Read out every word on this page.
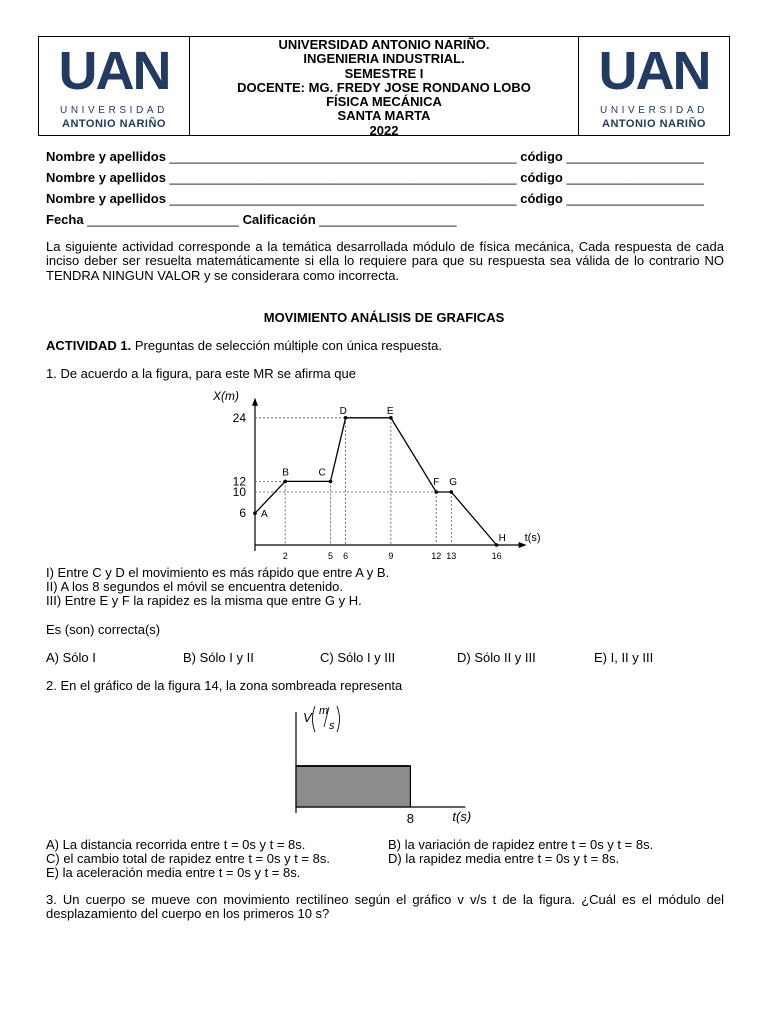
UAN
UNIVERSIDAD
ANTONIO NARIÑO
UNIVERSIDAD ANTONIO NARIÑO.
INGENIERIA INDUSTRIAL.
SEMESTRE I
DOCENTE: MG. FREDY JOSE RONDANO LOBO
FÍSICA MECÁNICA
SANTA MARTA
2022
UAN
UNIVERSIDAD
ANTONIO NARIÑO
Nombre y apellidos ________________________________________________ código ___________________
Nombre y apellidos ________________________________________________ código ___________________
Nombre y apellidos ________________________________________________ código ___________________
Fecha _____________________ Calificación ___________________
La siguiente actividad corresponde a la temática desarrollada módulo de física mecánica, Cada respuesta de cada inciso deber ser resuelta matemáticamente si ella lo requiere para que su respuesta sea válida de lo contrario NO TENDRA NINGUN VALOR y se considerara como incorrecta.
MOVIMIENTO ANÁLISIS DE GRAFICAS
ACTIVIDAD 1. Preguntas de selección múltiple con única respuesta.
1. De acuerdo a la figura, para este MR se afirma que
X(m)
t(s)
6
10
12
24
2	5 6	9	12 13	16
A
B	C
D	E
F G
H
I) Entre C y D el movimiento es más rápido que entre A y B.
II) A los 8 segundos el móvil se encuentra detenido.
III) Entre E y F la rapidez es la misma que entre G y H.
Es (son) correcta(s)
A) Sólo I	B) Sólo I y II	C) Sólo I y III	D) Sólo II y III	E) I, II y III
2. En el gráfico de la figura 14, la zona sombreada representa
8	t(s)
V m
s
A) La distancia recorrida entre t = 0s y t = 8s.	B) la variación de rapidez entre t = 0s y t = 8s.
C) el cambio total de rapidez entre t = 0s y t = 8s.	D) la rapidez media entre t = 0s y t = 8s.
E) la aceleración media entre t = 0s y t = 8s.
3. Un cuerpo se mueve con movimiento rectilíneo según el gráfico v v/s t de la figura. ¿Cuál es el módulo del desplazamiento del cuerpo en los primeros 10 s?
